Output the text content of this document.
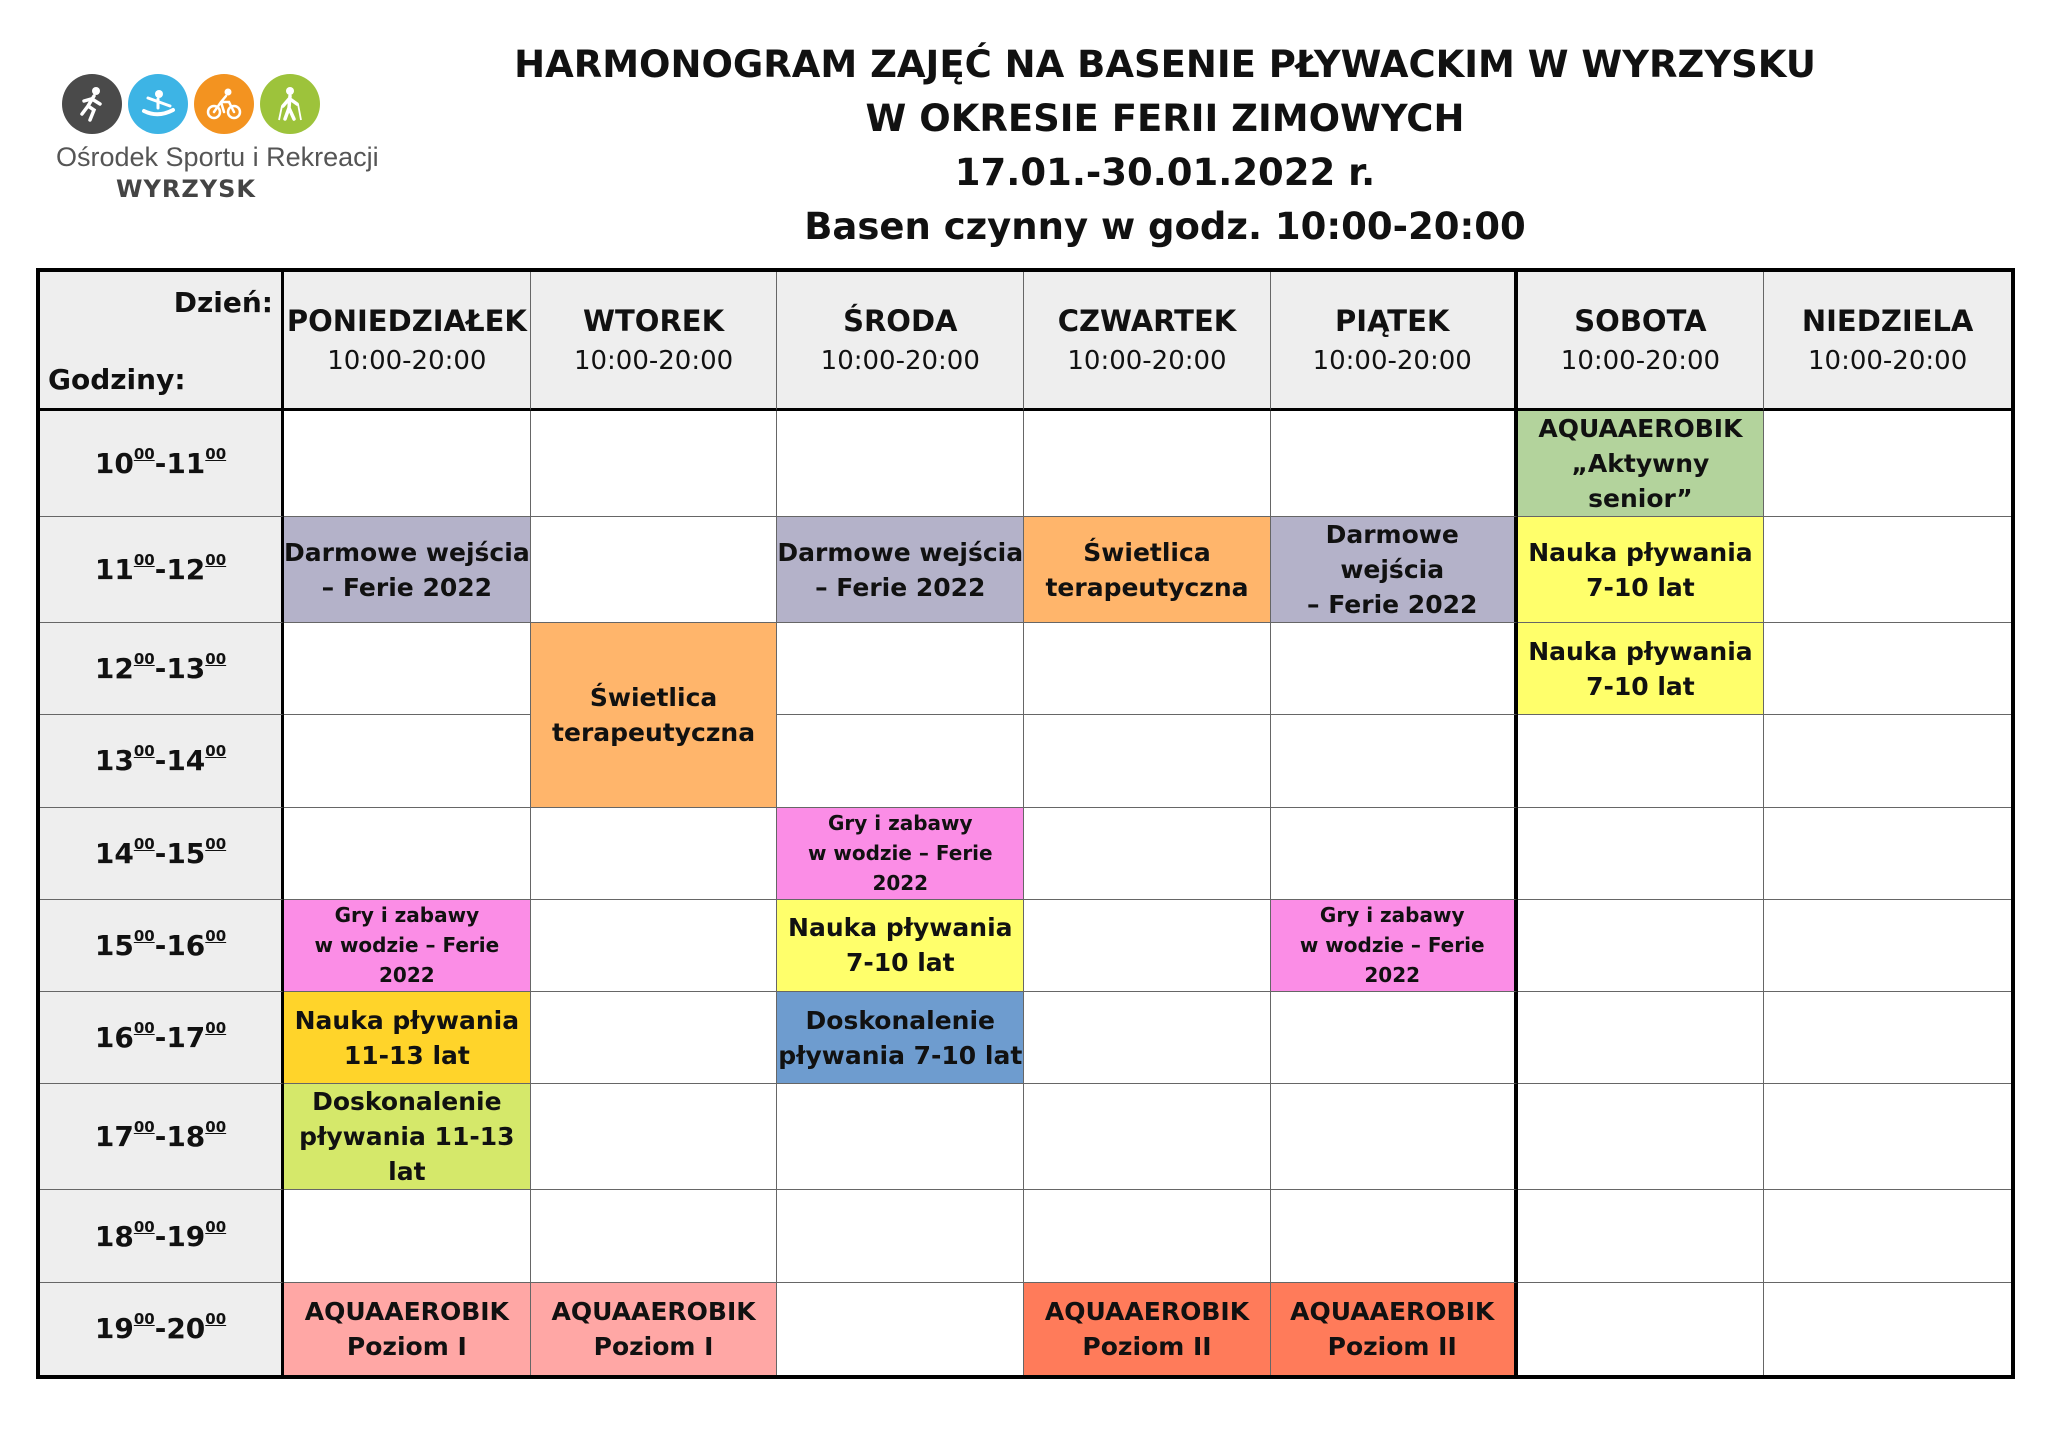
Ośrodek Sportu i Rekreacji
WYRZYSK
HARMONOGRAM ZAJĘĆ NA BASENIE PŁYWACKIM W WYRZYSKU
W OKRESIE FERII ZIMOWYCH
17.01.-30.01.2022 r.
Basen czynny w godz. 10:00-20:00
Dzień:
Godziny:
PONIEDZIAŁEK
10:00-20:00
WTOREK
10:00-20:00
ŚRODA
10:00-20:00
CZWARTEK
10:00-20:00
PIĄTEK
10:00-20:00
SOBOTA
10:00-20:00
NIEDZIELA
10:00-20:00
$10^{00}-11^{00}$
$11^{00}-12^{00}$
$12^{00}-13^{00}$
$13^{00}-14^{00}$
$14^{00}-15^{00}$
$15^{00}-16^{00}$
$16^{00}-17^{00}$
$17^{00}-18^{00}$
$18^{00}-19^{00}$
$19^{00}-20^{00}$
AQUAAEROBIK
„Aktywny senior”
Darmowe wejścia
– Ferie 2022
Darmowe wejścia
– Ferie 2022
Świetlica
terapeutyczna
Darmowe wejścia
– Ferie 2022
Nauka pływania
7-10 lat
Świetlica
terapeutyczna
Nauka pływania
7-10 lat
Gry i zabawy
w wodzie – Ferie 2022
Gry i zabawy
w wodzie – Ferie 2022
Nauka pływania
7-10 lat
Gry i zabawy
w wodzie – Ferie 2022
Nauka pływania
11-13 lat
Doskonalenie
pływania 7-10 lat
Doskonalenie
pływania 11-13 lat
AQUAAEROBIK
Poziom I
AQUAAEROBIK
Poziom I
AQUAAEROBIK
Poziom II
AQUAAEROBIK
Poziom II
